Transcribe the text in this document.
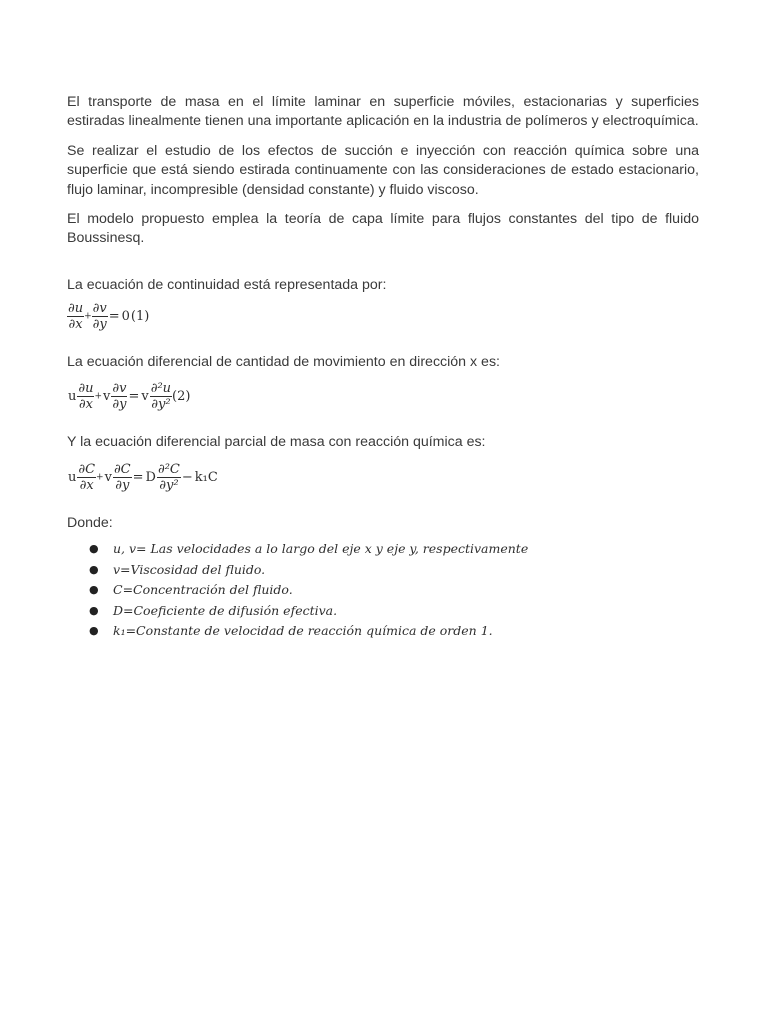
El transporte de masa en el límite laminar en superficie móviles, estacionarias y superficies estiradas linealmente tienen una importante aplicación en la industria de polímeros y electroquímica.

Se realizar el estudio de los efectos de succión e inyección con reacción química sobre una superficie que está siendo estirada continuamente con las consideraciones de estado estacionario, flujo laminar, incompresible (densidad constante) y fluido viscoso.

El modelo propuesto emplea la teoría de capa límite para flujos constantes del tipo de fluido Boussinesq.

La ecuación de continuidad está representada por:

$\frac{\partial u}{\partial x} + \frac{\partial v}{\partial y} = 0(1)$

La ecuación diferencial de cantidad de movimiento en dirección x es:

u $\frac{\partial u}{\partial x} +v \frac{\partial v}{\partial y} = v \frac{\text{∂²u}}{\text{∂y²}} (2)$

Y la ecuación diferencial parcial de masa con reacción química es:

u $\frac{\partial C}{\partial x} +v \frac{\partial C}{\partial y} = D \frac{\text{∂²C}}{\text{∂y²}} - k_1C$

Donde:

● u, v= Las velocidades a lo largo del eje x y eje y, respectivamente
● v=Viscosidad del fluido.
● C=Concentración del fluido.
● D=Coeficiente de difusión efectiva.
● k₁=Constante de velocidad de reacción química de orden 1.
